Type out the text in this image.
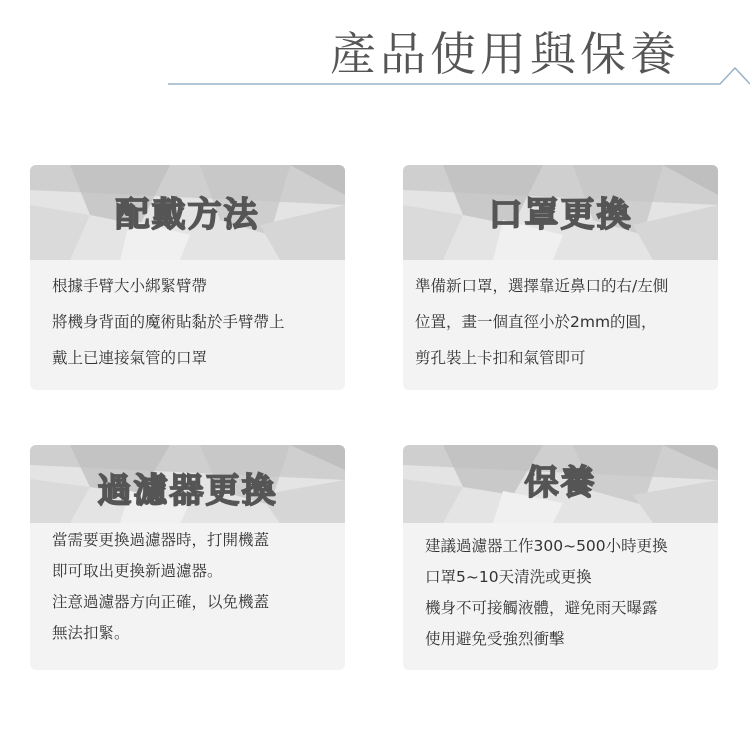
產品使用與保養
配戴方法
根據手臂大小綁緊臂帶
將機身背面的魔術貼黏於手臂帶上
戴上已連接氣管的口罩
口罩更換
準備新口罩，選擇靠近鼻口的右/左側
位置，畫一個直徑小於2mm的圓，
剪孔裝上卡扣和氣管即可
過濾器更換
當需要更換過濾器時，打開機蓋
即可取出更換新過濾器。
注意過濾器方向正確，以免機蓋
無法扣緊。
保養
建議過濾器工作300~500小時更換
口罩5~10天清洗或更換
機身不可接觸液體，避免雨天曝露
使用避免受強烈衝擊
